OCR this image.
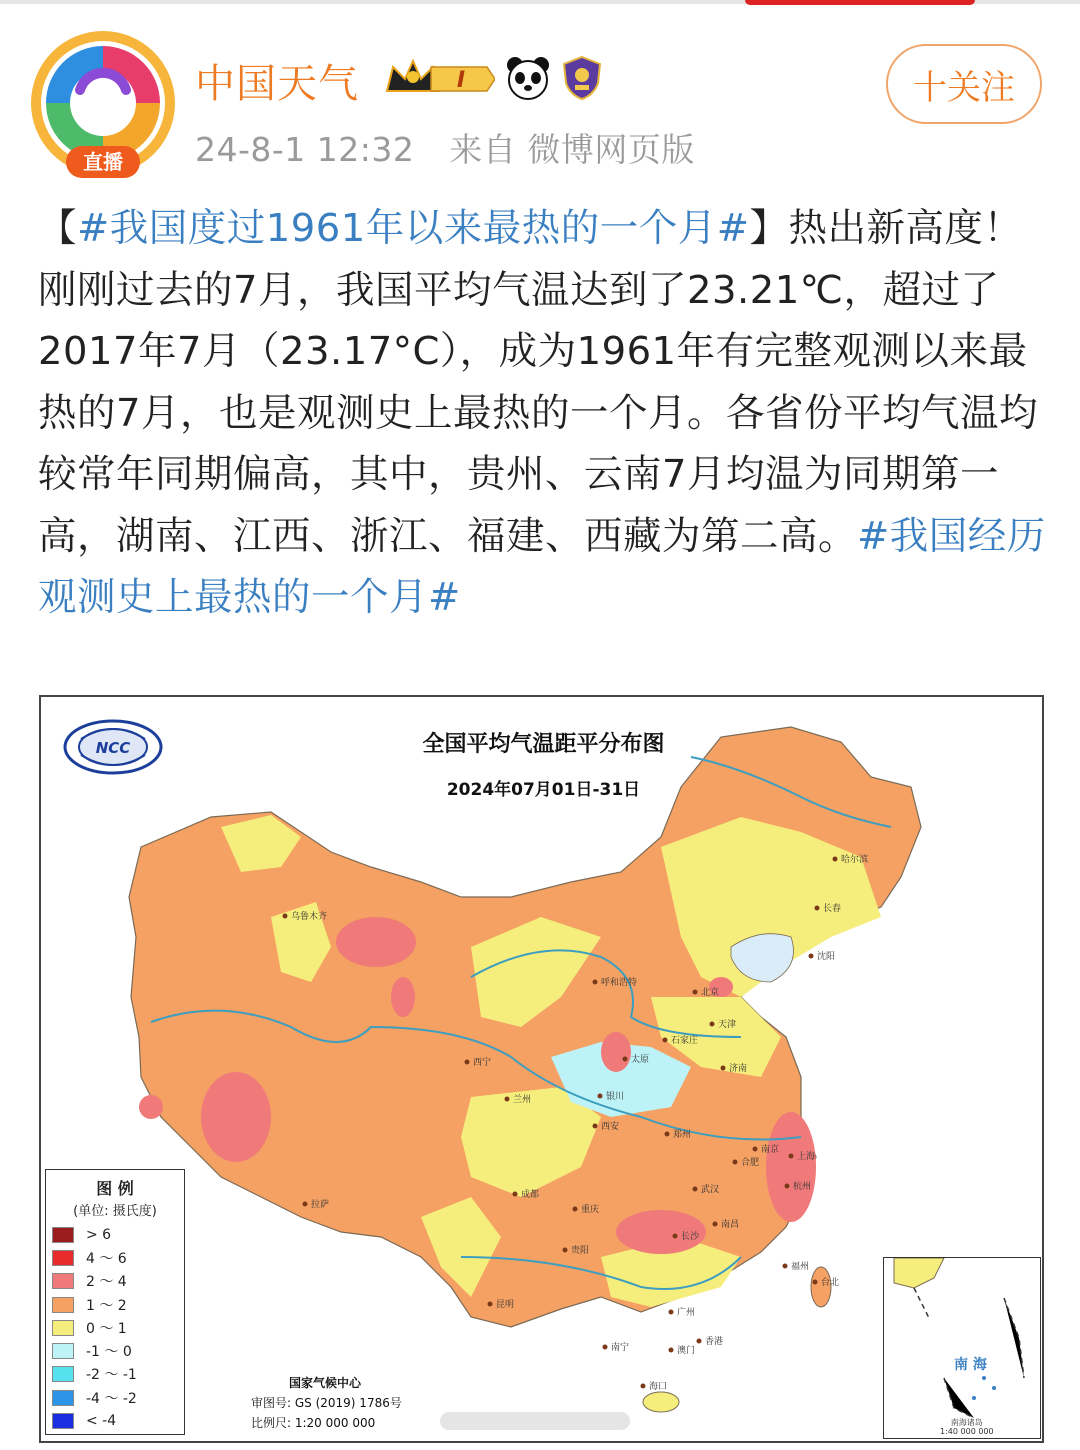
直播
中国天气	I
24-8-1 12:32 来自 微博网页版
十关注
【#我国度过1961年以来最热的一个月#】热出新高度！刚刚过去的7月，我国平均气温达到了23.21℃，超过了2017年7月（23.17°C），成为1961年有完整观测以来最热的7月，也是观测史上最热的一个月。各省份平均气温均较常年同期偏高，其中，贵州、云南7月均温为同期第一高，湖南、江西、浙江、福建、西藏为第二高。#我国经历观测史上最热的一个月#
NCC	全国平均气温距平分布图
2024年07月01日-31日
乌鲁木齐
哈尔滨
长春
沈阳
呼和浩特
北京
天津
石家庄
太原
济南
银川
西宁
兰州
西安
郑州
南京
合肥
上海
杭州
武汉
成都
重庆
长沙
南昌
福州
台北
贵阳
昆明
广州
南宁
香港
澳门
海口
拉萨
图 例
(单位: 摄氏度)
> 6
4 ～ 6
2 ～ 4
1 ～ 2
0 ～ 1
-1 ～ 0
-2 ～ -1
-4 ～ -2
< -4
国家气候中心
审图号: GS (2019) 1786号
比例尺: 1:20 000 000
南 海
南海诸岛
1:40 000 000
